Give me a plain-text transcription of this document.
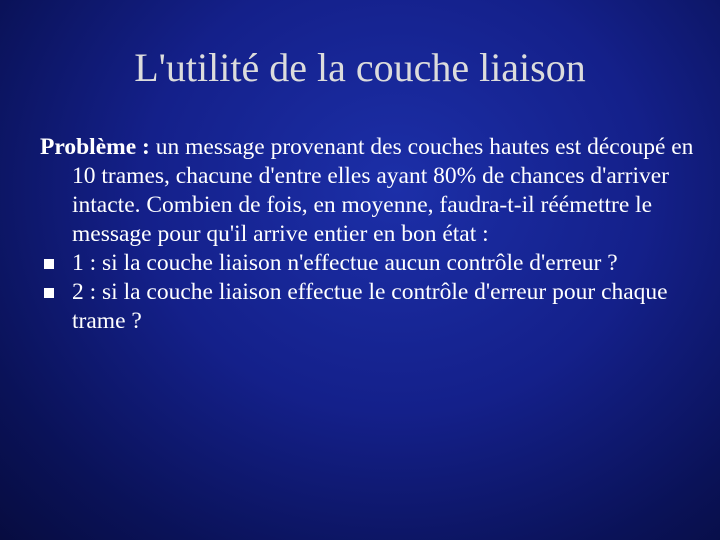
L'utilité de la couche liaison

Problème : un message provenant des couches hautes est découpé en 10 trames, chacune d'entre elles ayant 80% de chances d'arriver intacte. Combien de fois, en moyenne, faudra-t-il réémettre le message pour qu'il arrive entier en bon état :

1 : si la couche liaison n'effectue aucun contrôle d'erreur ?

2 : si la couche liaison effectue le contrôle d'erreur pour chaque trame ?
